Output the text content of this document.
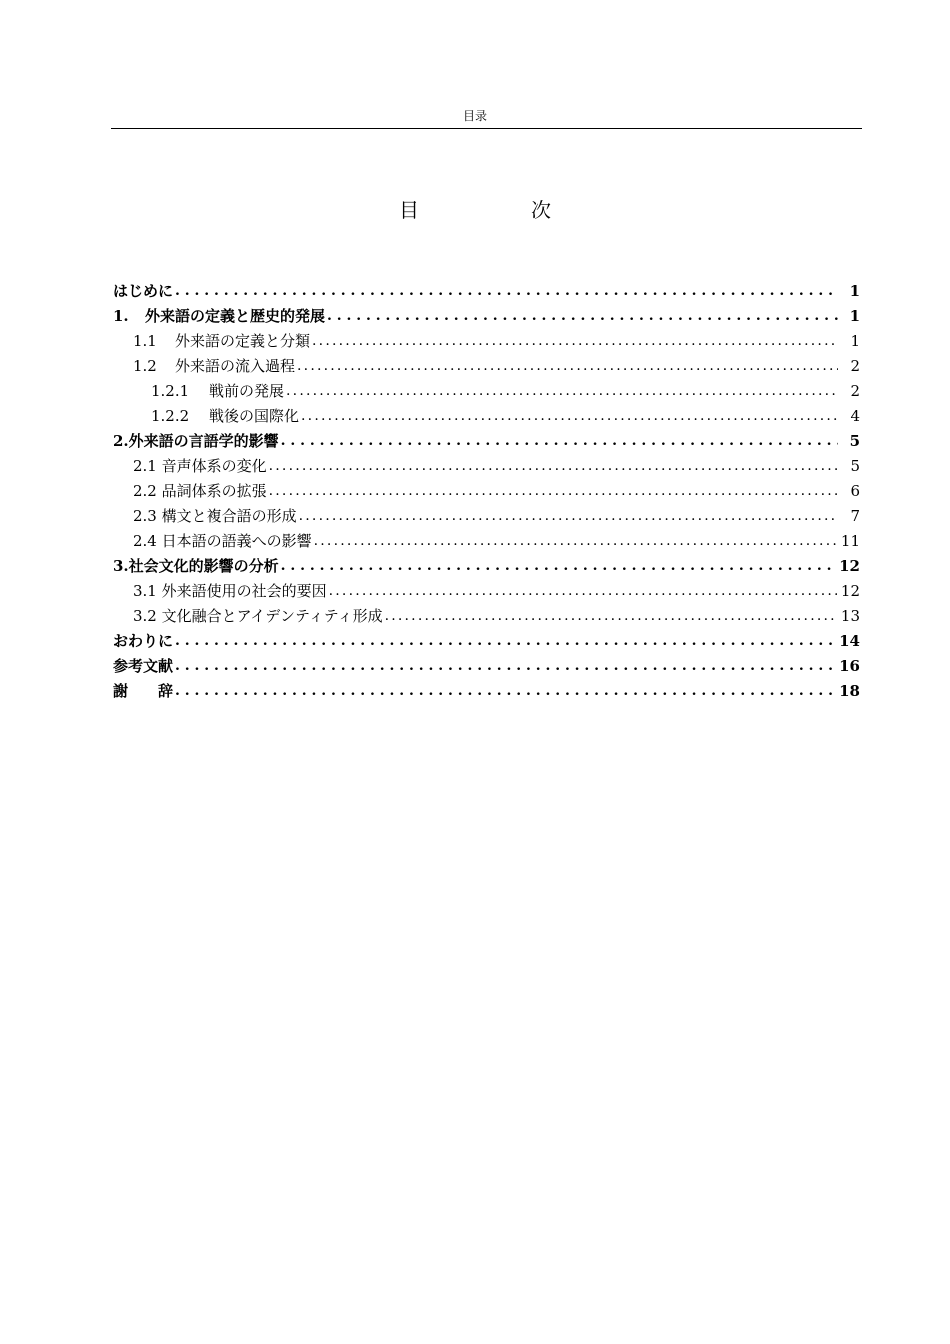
目录
目　次
はじめに . . .	1
1. 外来語の定義と歴史的発展 . . .	1
1.1 外来語の定義と分類 .....	1
1.2 外来語の流入過程 .....	2
1.2.1 戦前の発展 .....	2
1.2.2 戦後の国際化 .....	4
2.外来語の言語学的影響 . . .	5
2.1 音声体系の変化 .....	5
2.2 品詞体系の拡張 .....	6
2.3 構文と複合語の形成 .....	7
2.4 日本語の語義への影響 .....	11
3.社会文化的影響の分析 . . .	12
3.1 外来語使用の社会的要因 .....	12
3.2 文化融合とアイデンティティ形成 .....	13
おわりに . . .	14
参考文献 . . .	16
謝　　辞 . . .	18
